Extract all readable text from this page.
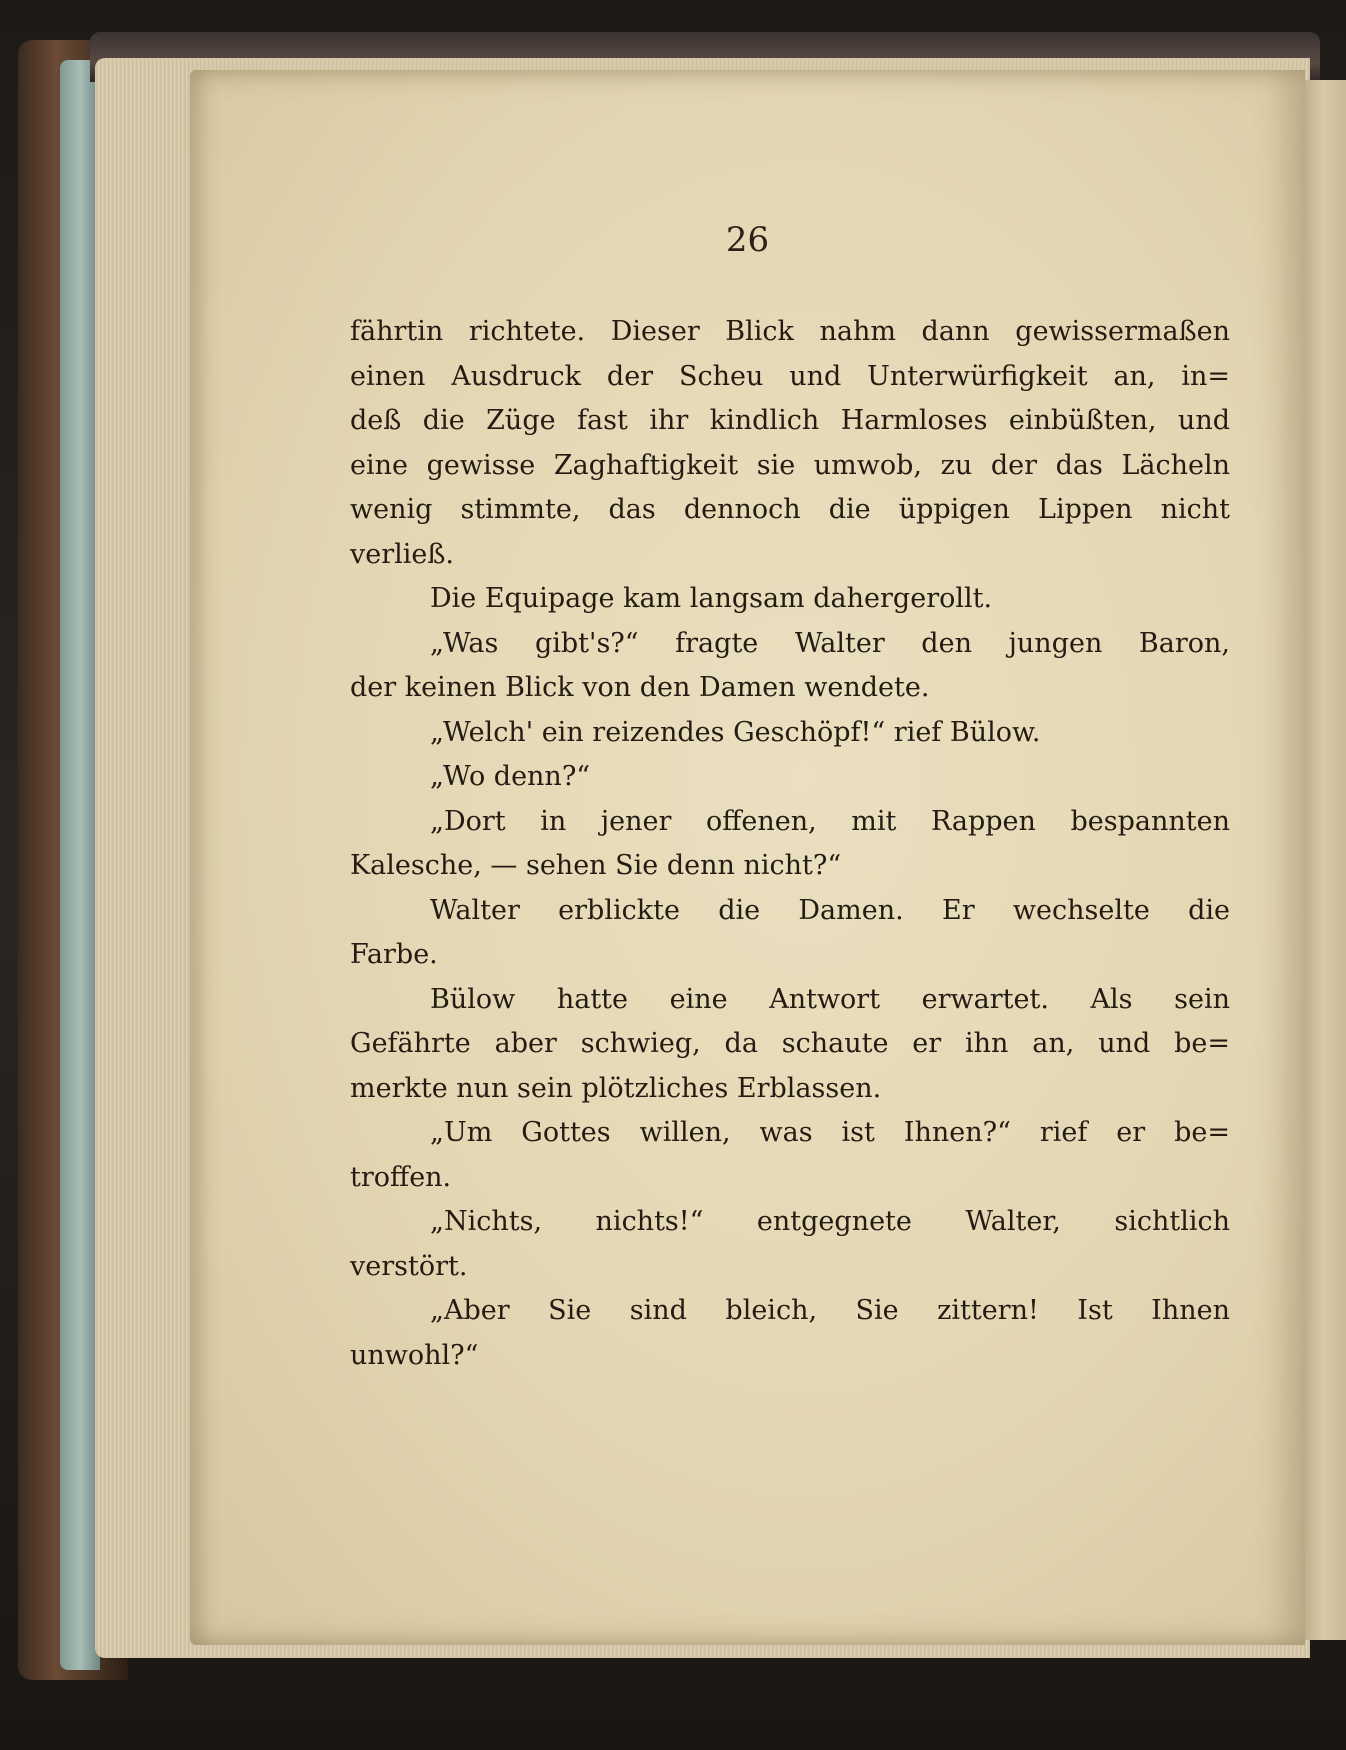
26
fährtin richtete. Dieser Blick nahm dann gewissermaßen
einen Ausdruck der Scheu und Unterwürfigkeit an, in=
deß die Züge fast ihr kindlich Harmloses einbüßten, und
eine gewisse Zaghaftigkeit sie umwob, zu der das Lächeln
wenig stimmte, das dennoch die üppigen Lippen nicht
verließ.
Die Equipage kam langsam dahergerollt.
„Was gibt's?“ fragte Walter den jungen Baron,
der keinen Blick von den Damen wendete.
„Welch' ein reizendes Geschöpf!“ rief Bülow.
„Wo denn?“
„Dort in jener offenen, mit Rappen bespannten
Kalesche, — sehen Sie denn nicht?“
Walter erblickte die Damen. Er wechselte die
Farbe.
Bülow hatte eine Antwort erwartet. Als sein
Gefährte aber schwieg, da schaute er ihn an, und be=
merkte nun sein plötzliches Erblassen.
„Um Gottes willen, was ist Ihnen?“ rief er be=
troffen.
„Nichts, nichts!“ entgegnete Walter, sichtlich
verstört.
„Aber Sie sind bleich, Sie zittern! Ist Ihnen
unwohl?“
